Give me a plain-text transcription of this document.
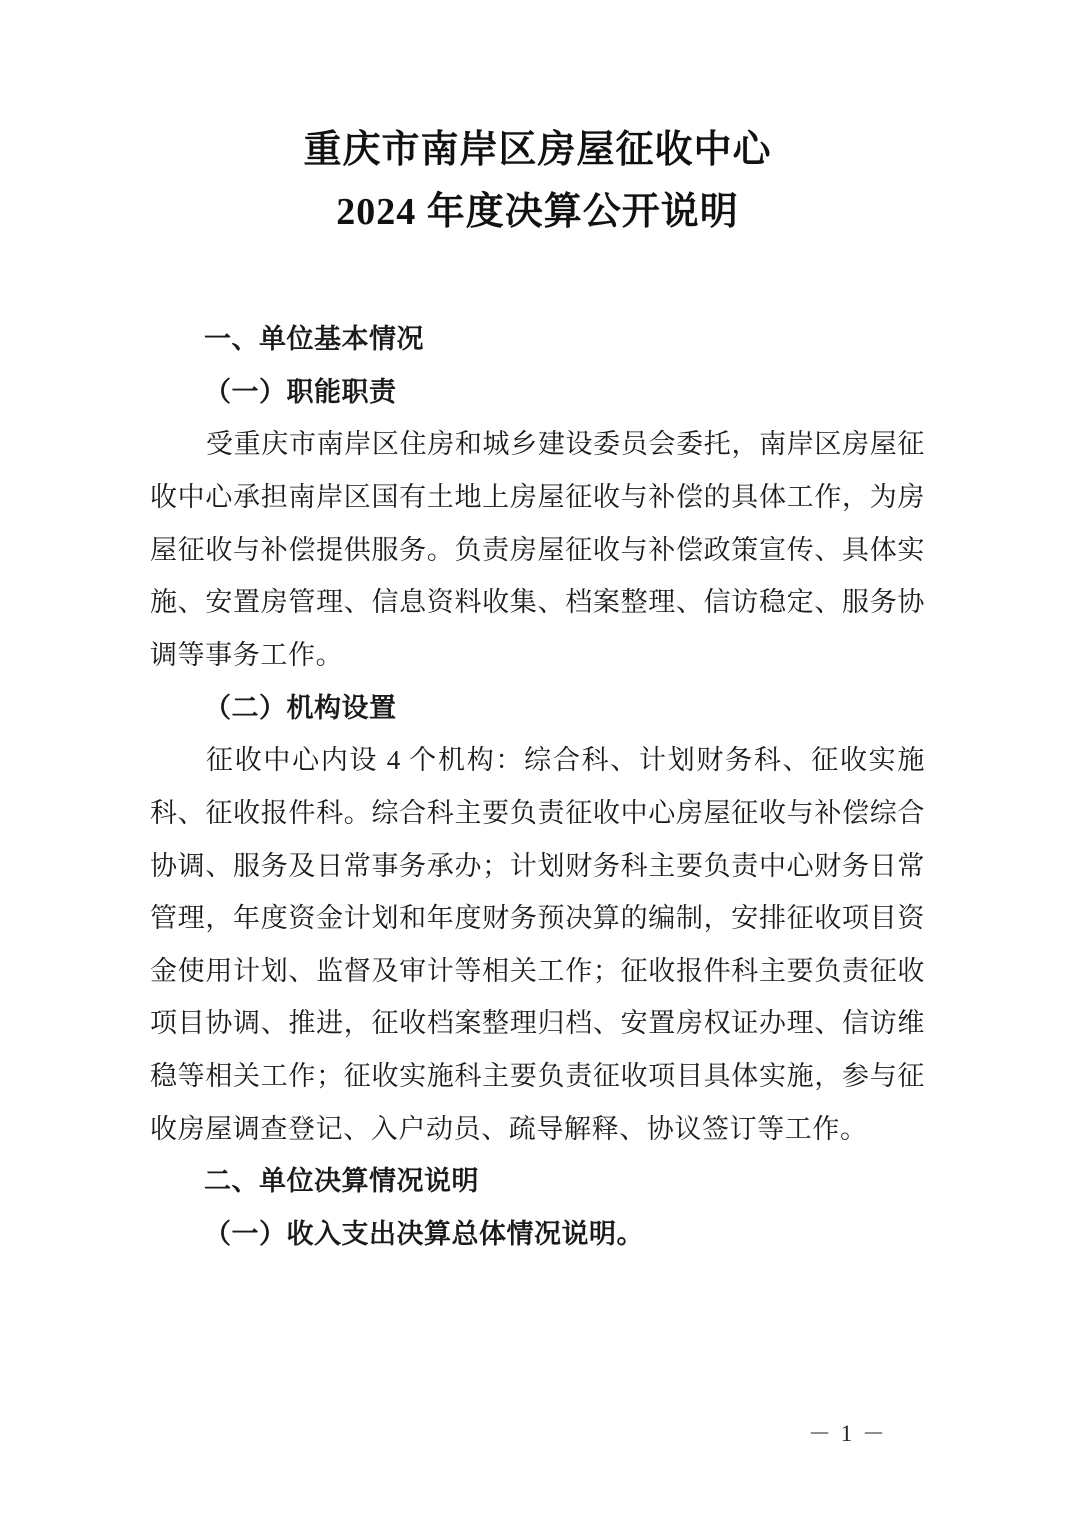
重庆市南岸区房屋征收中心
2024 年度决算公开说明
一、单位基本情况
（一）职能职责

受重庆市南岸区住房和城乡建设委员会委托，南岸区房屋征收中心承担南岸区国有土地上房屋征收与补偿的具体工作，为房屋征收与补偿提供服务。负责房屋征收与补偿政策宣传、具体实施、安置房管理、信息资料收集、档案整理、信访稳定、服务协调等事务工作。

（二）机构设置

征收中心内设 4 个机构：综合科、计划财务科、征收实施科、征收报件科。综合科主要负责征收中心房屋征收与补偿综合协调、服务及日常事务承办；计划财务科主要负责中心财务日常管理，年度资金计划和年度财务预决算的编制，安排征收项目资金使用计划、监督及审计等相关工作；征收报件科主要负责征收项目协调、推进，征收档案整理归档、安置房权证办理、信访维稳等相关工作；征收实施科主要负责征收项目具体实施，参与征收房屋调查登记、入户动员、疏导解释、协议签订等工作。

二、单位决算情况说明
（一）收入支出决算总体情况说明。
－ 1 －
